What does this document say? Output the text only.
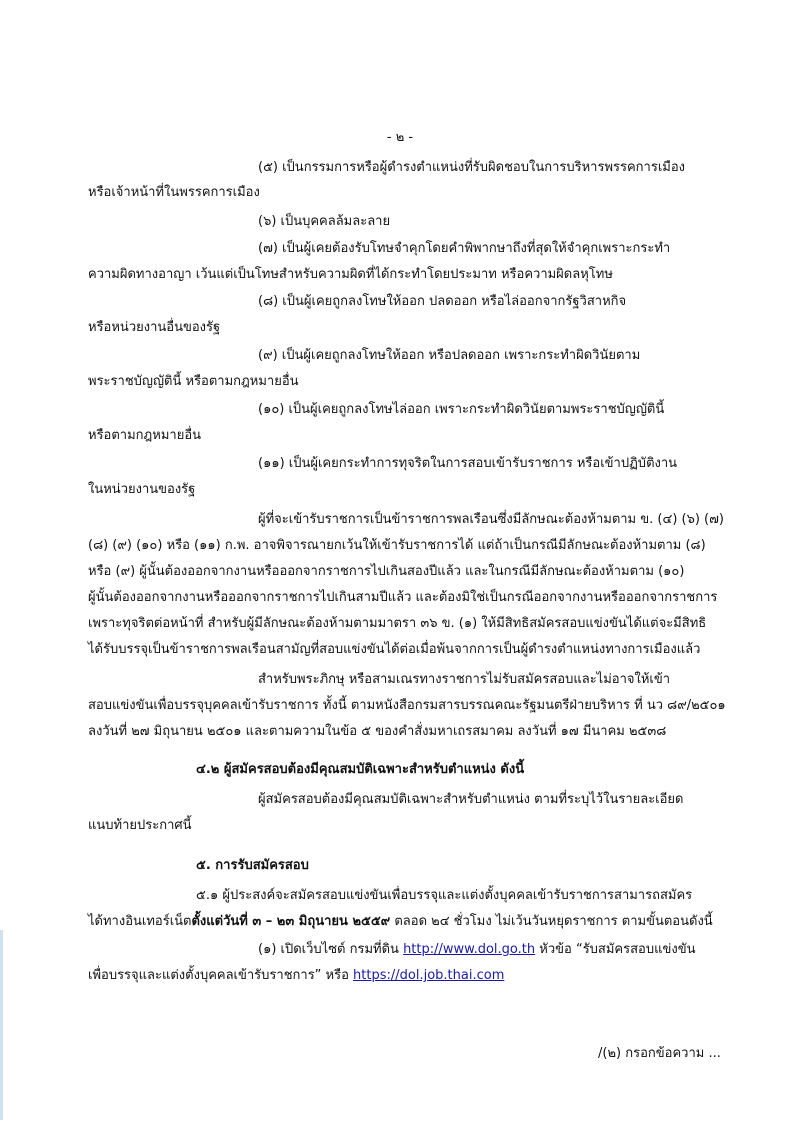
- ๒ -
(๕) เป็นกรรมการหรือผู้ดำรงตำแหน่งที่รับผิดชอบในการบริหารพรรคการเมือง
หรือเจ้าหน้าที่ในพรรคการเมือง
(๖) เป็นบุคคลล้มละลาย
(๗) เป็นผู้เคยต้องรับโทษจำคุกโดยคำพิพากษาถึงที่สุดให้จำคุกเพราะกระทำ
ความผิดทางอาญา เว้นแต่เป็นโทษสำหรับความผิดที่ได้กระทำโดยประมาท หรือความผิดลหุโทษ
(๘) เป็นผู้เคยถูกลงโทษให้ออก ปลดออก หรือไล่ออกจากรัฐวิสาหกิจ
หรือหน่วยงานอื่นของรัฐ
(๙) เป็นผู้เคยถูกลงโทษให้ออก หรือปลดออก เพราะกระทำผิดวินัยตาม
พระราชบัญญัตินี้ หรือตามกฎหมายอื่น
(๑๐) เป็นผู้เคยถูกลงโทษไล่ออก เพราะกระทำผิดวินัยตามพระราชบัญญัตินี้
หรือตามกฎหมายอื่น
(๑๑) เป็นผู้เคยกระทำการทุจริตในการสอบเข้ารับราชการ หรือเข้าปฏิบัติงาน
ในหน่วยงานของรัฐ
ผู้ที่จะเข้ารับราชการเป็นข้าราชการพลเรือนซึ่งมีลักษณะต้องห้ามตาม ข. (๔) (๖) (๗)
(๘) (๙) (๑๐) หรือ (๑๑) ก.พ. อาจพิจารณายกเว้นให้เข้ารับราชการได้ แต่ถ้าเป็นกรณีมีลักษณะต้องห้ามตาม (๘)
หรือ (๙) ผู้นั้นต้องออกจากงานหรือออกจากราชการไปเกินสองปีแล้ว และในกรณีมีลักษณะต้องห้ามตาม (๑๐)
ผู้นั้นต้องออกจากงานหรือออกจากราชการไปเกินสามปีแล้ว และต้องมิใช่เป็นกรณีออกจากงานหรือออกจากราชการ
เพราะทุจริตต่อหน้าที่ สำหรับผู้มีลักษณะต้องห้ามตามมาตรา ๓๖ ข. (๑) ให้มีสิทธิสมัครสอบแข่งขันได้แต่จะมีสิทธิ
ได้รับบรรจุเป็นข้าราชการพลเรือนสามัญที่สอบแข่งขันได้ต่อเมื่อพ้นจากการเป็นผู้ดำรงตำแหน่งทางการเมืองแล้ว
สำหรับพระภิกษุ หรือสามเณรทางราชการไม่รับสมัครสอบและไม่อาจให้เข้า
สอบแข่งขันเพื่อบรรจุบุคคลเข้ารับราชการ ทั้งนี้ ตามหนังสือกรมสารบรรณคณะรัฐมนตรีฝ่ายบริหาร ที่ นว ๘๙/๒๕๐๑
ลงวันที่ ๒๗ มิถุนายน ๒๕๐๑ และตามความในข้อ ๕ ของคำสั่งมหาเถรสมาคม ลงวันที่ ๑๗ มีนาคม ๒๕๓๘
๔.๒ ผู้สมัครสอบต้องมีคุณสมบัติเฉพาะสำหรับตำแหน่ง ดังนี้
ผู้สมัครสอบต้องมีคุณสมบัติเฉพาะสำหรับตำแหน่ง ตามที่ระบุไว้ในรายละเอียด
แนบท้ายประกาศนี้
๕. การรับสมัครสอบ
๕.๑ ผู้ประสงค์จะสมัครสอบแข่งขันเพื่อบรรจุและแต่งตั้งบุคคลเข้ารับราชการสามารถสมัคร
ได้ทางอินเทอร์เน็ตตั้งแต่วันที่ ๓ – ๒๓ มิถุนายน ๒๕๕๙ ตลอด ๒๔ ชั่วโมง ไม่เว้นวันหยุดราชการ ตามขั้นตอนดังนี้
(๑) เปิดเว็บไซต์ กรมที่ดิน http://www.dol.go.th หัวข้อ “รับสมัครสอบแข่งขัน
เพื่อบรรจุและแต่งตั้งบุคคลเข้ารับราชการ” หรือ https://dol.job.thai.com
/(๒) กรอกข้อความ ...
